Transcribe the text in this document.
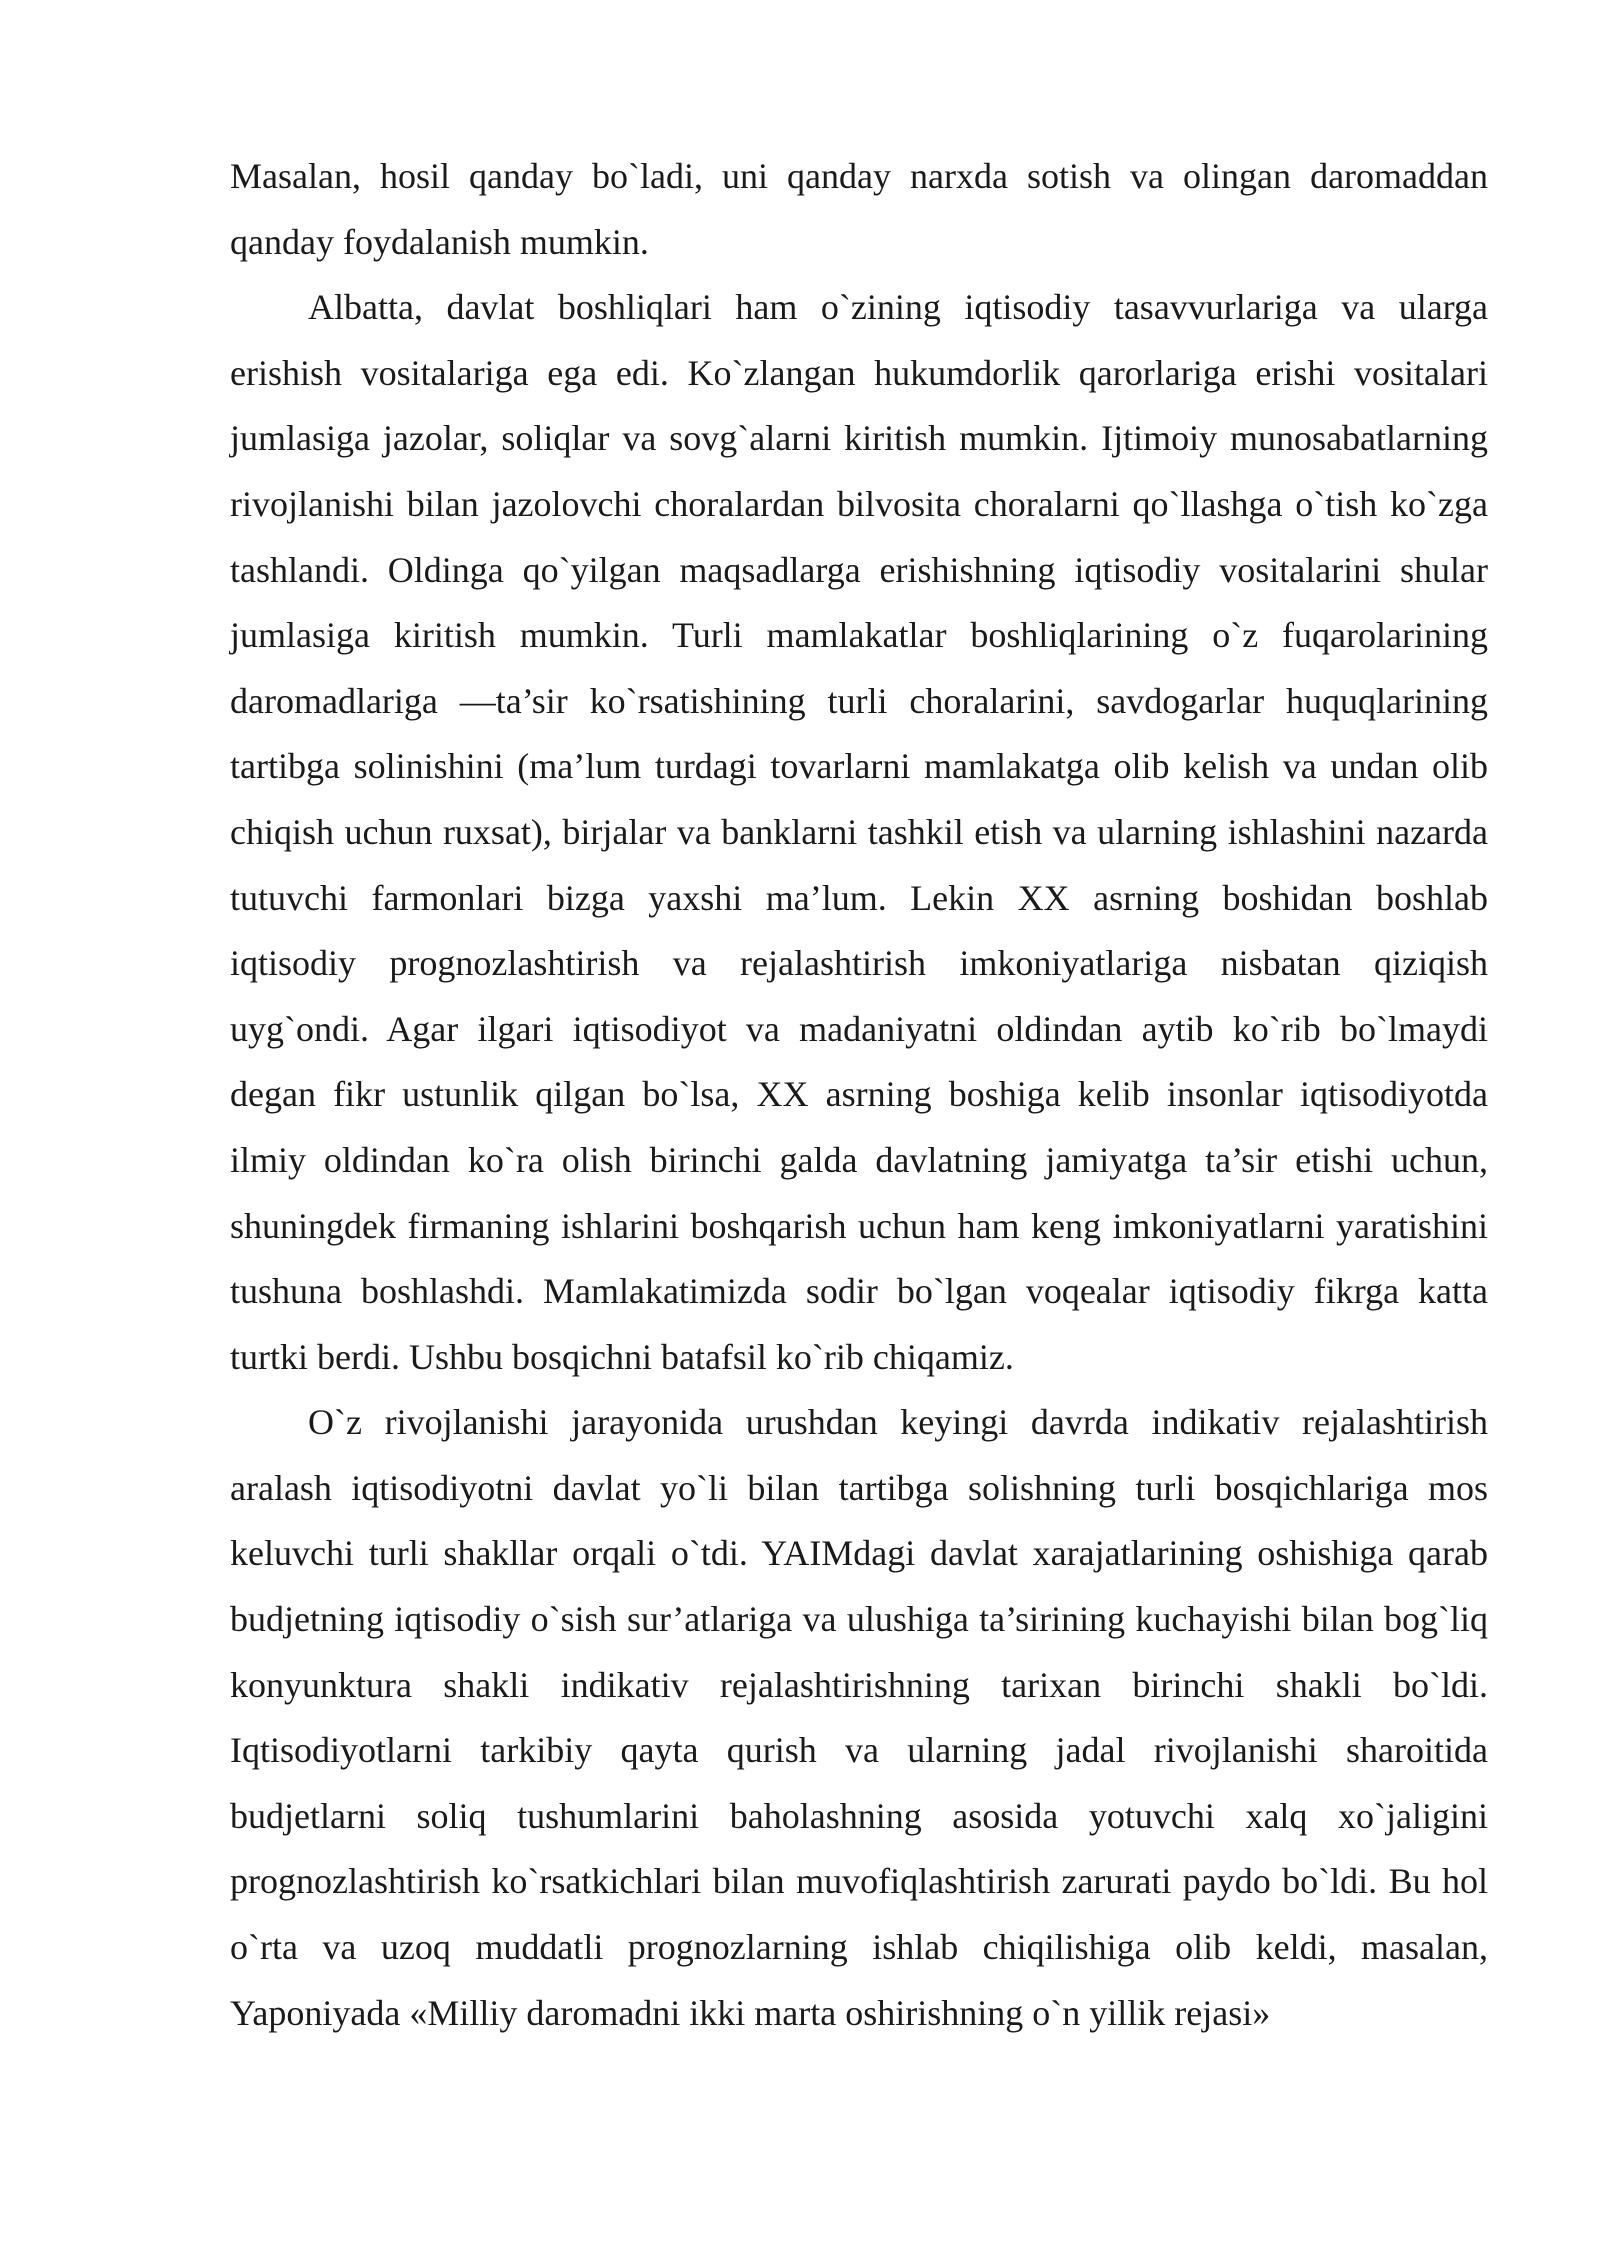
Masalan, hosil qanday bo`ladi, uni qanday narxda sotish va olingan daromaddan qanday foydalanish mumkin.

Albatta, davlat boshliqlari ham o`zining iqtisodiy tasavvurlariga va ularga erishish vositalariga ega edi. Ko`zlangan hukumdorlik qarorlariga erishi vositalari jumlasiga jazolar, soliqlar va sovg`alarni kiritish mumkin. Ijtimoiy munosabatlarning rivojlanishi bilan jazolovchi choralardan bilvosita choralarni qo`llashga o`tish ko`zga tashlandi. Oldinga qo`yilgan maqsadlarga erishishning iqtisodiy vositalarini shular jumlasiga kiritish mumkin. Turli mamlakatlar boshliqlarining o`z fuqarolarining daromadlariga ―ta’sir ko`rsatishining turli choralarini, savdogarlar huquqlarining tartibga solinishini (ma’lum turdagi tovarlarni mamlakatga olib kelish va undan olib chiqish uchun ruxsat), birjalar va banklarni tashkil etish va ularning ishlashini nazarda tutuvchi farmonlari bizga yaxshi ma’lum. Lekin XX asrning boshidan boshlab iqtisodiy prognozlashtirish va rejalashtirish imkoniyatlariga nisbatan qiziqish uyg`ondi. Agar ilgari iqtisodiyot va madaniyatni oldindan aytib ko`rib bo`lmaydi degan fikr ustunlik qilgan bo`lsa, XX asrning boshiga kelib insonlar iqtisodiyotda ilmiy oldindan ko`ra olish birinchi galda davlatning jamiyatga ta’sir etishi uchun, shuningdek firmaning ishlarini boshqarish uchun ham keng imkoniyatlarni yaratishini tushuna boshlashdi. Mamlakatimizda sodir bo`lgan voqealar iqtisodiy fikrga katta turtki berdi. Ushbu bosqichni batafsil ko`rib chiqamiz.

O`z rivojlanishi jarayonida urushdan keyingi davrda indikativ rejalashtirish aralash iqtisodiyotni davlat yo`li bilan tartibga solishning turli bosqichlariga mos keluvchi turli shakllar orqali o`tdi. YAIMdagi davlat xarajatlarining oshishiga qarab budjetning iqtisodiy o`sish sur’atlariga va ulushiga ta’sirining kuchayishi bilan bog`liq konyunktura shakli indikativ rejalashtirishning tarixan birinchi shakli bo`ldi. Iqtisodiyotlarni tarkibiy qayta qurish va ularning jadal rivojlanishi sharoitida budjetlarni soliq tushumlarini baholashning asosida yotuvchi xalq xo`jaligini prognozlashtirish ko`rsatkichlari bilan muvofiqlashtirish zarurati paydo bo`ldi. Bu hol o`rta va uzoq muddatli prognozlarning ishlab chiqilishiga olib keldi, masalan, Yaponiyada «Milliy daromadni ikki marta oshirishning o`n yillik rejasi»
